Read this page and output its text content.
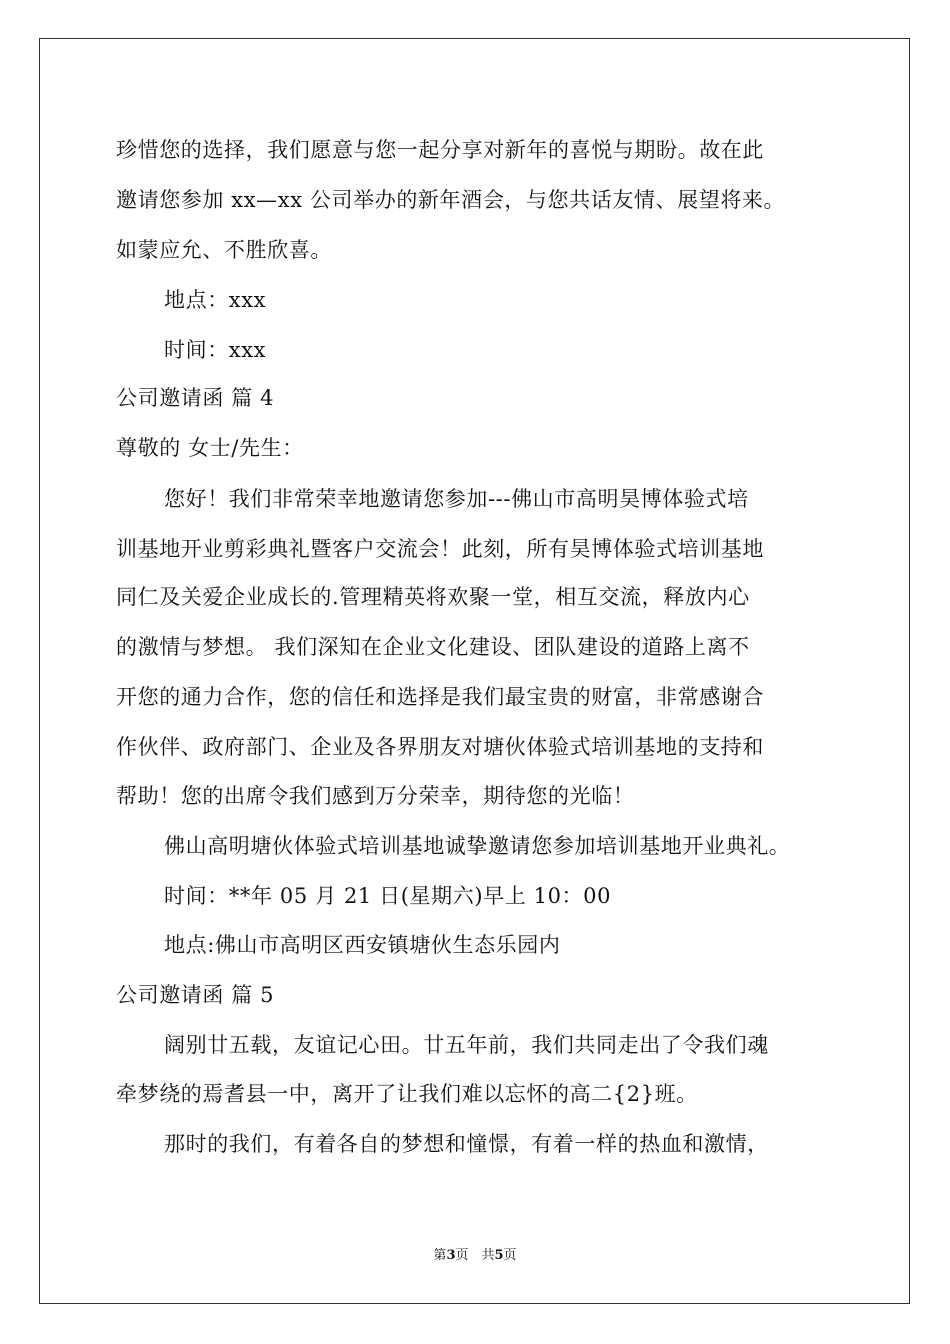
珍惜您的选择，我们愿意与您一起分享对新年的喜悦与期盼。故在此
邀请您参加 xx—xx 公司举办的新年酒会，与您共话友情、展望将来。
如蒙应允、不胜欣喜。
地点：xxx
时间：xxx
公司邀请函 篇 4
尊敬的 女士/先生：
您好！我们非常荣幸地邀请您参加---佛山市高明昊博体验式培
训基地开业剪彩典礼暨客户交流会！此刻，所有昊博体验式培训基地
同仁及关爱企业成长的.管理精英将欢聚一堂，相互交流，释放内心
的激情与梦想。 我们深知在企业文化建设、团队建设的道路上离不
开您的通力合作，您的信任和选择是我们最宝贵的财富，非常感谢合
作伙伴、政府部门、企业及各界朋友对塘伙体验式培训基地的支持和
帮助！您的出席令我们感到万分荣幸，期待您的光临！
佛山高明塘伙体验式培训基地诚挚邀请您参加培训基地开业典礼。
时间：**年 05 月 21 日(星期六)早上 10：00
地点:佛山市高明区西安镇塘伙生态乐园内
公司邀请函 篇 5
阔别廿五载，友谊记心田。廿五年前，我们共同走出了令我们魂
牵梦绕的焉耆县一中，离开了让我们难以忘怀的高二{2}班。
那时的我们，有着各自的梦想和憧憬，有着一样的热血和激情，
第3页　共5页
